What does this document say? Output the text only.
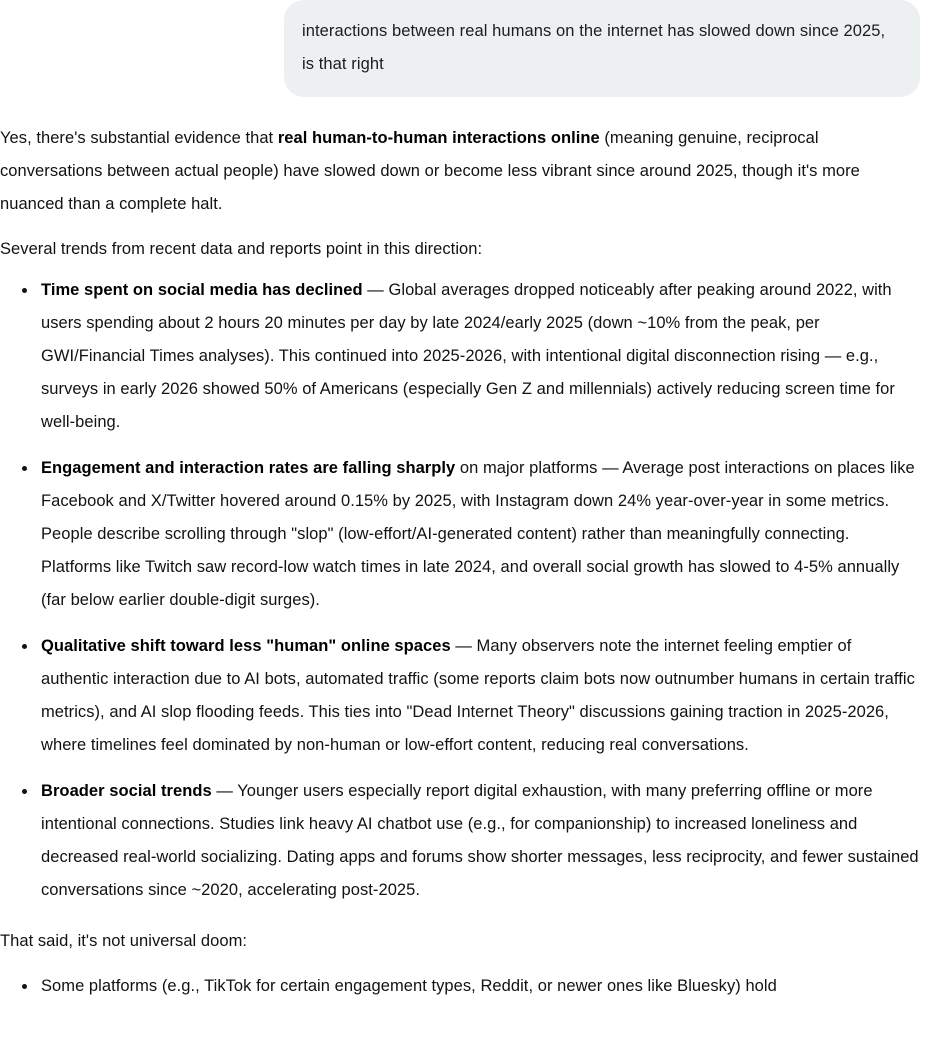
interactions between real humans on the internet has slowed down since 2025, is that right

Yes, there's substantial evidence that real human-to-human interactions online (meaning genuine, reciprocal conversations between actual people) have slowed down or become less vibrant since around 2025, though it's more nuanced than a complete halt.

Several trends from recent data and reports point in this direction:

Time spent on social media has declined — Global averages dropped noticeably after peaking around 2022, with users spending about 2 hours 20 minutes per day by late 2024/early 2025 (down ~10% from the peak, per GWI/Financial Times analyses). This continued into 2025-2026, with intentional digital disconnection rising — e.g., surveys in early 2026 showed 50% of Americans (especially Gen Z and millennials) actively reducing screen time for well-being.
Engagement and interaction rates are falling sharply on major platforms — Average post interactions on places like Facebook and X/Twitter hovered around 0.15% by 2025, with Instagram down 24% year-over-year in some metrics. People describe scrolling through "slop" (low-effort/AI-generated content) rather than meaningfully connecting. Platforms like Twitch saw record-low watch times in late 2024, and overall social growth has slowed to 4-5% annually (far below earlier double-digit surges).
Qualitative shift toward less "human" online spaces — Many observers note the internet feeling emptier of authentic interaction due to AI bots, automated traffic (some reports claim bots now outnumber humans in certain traffic metrics), and AI slop flooding feeds. This ties into "Dead Internet Theory" discussions gaining traction in 2025-2026, where timelines feel dominated by non-human or low-effort content, reducing real conversations.
Broader social trends — Younger users especially report digital exhaustion, with many preferring offline or more intentional connections. Studies link heavy AI chatbot use (e.g., for companionship) to increased loneliness and decreased real-world socializing. Dating apps and forums show shorter messages, less reciprocity, and fewer sustained conversations since ~2020, accelerating post-2025.

That said, it's not universal doom:

Some platforms (e.g., TikTok for certain engagement types, Reddit, or newer ones like Bluesky) hold
